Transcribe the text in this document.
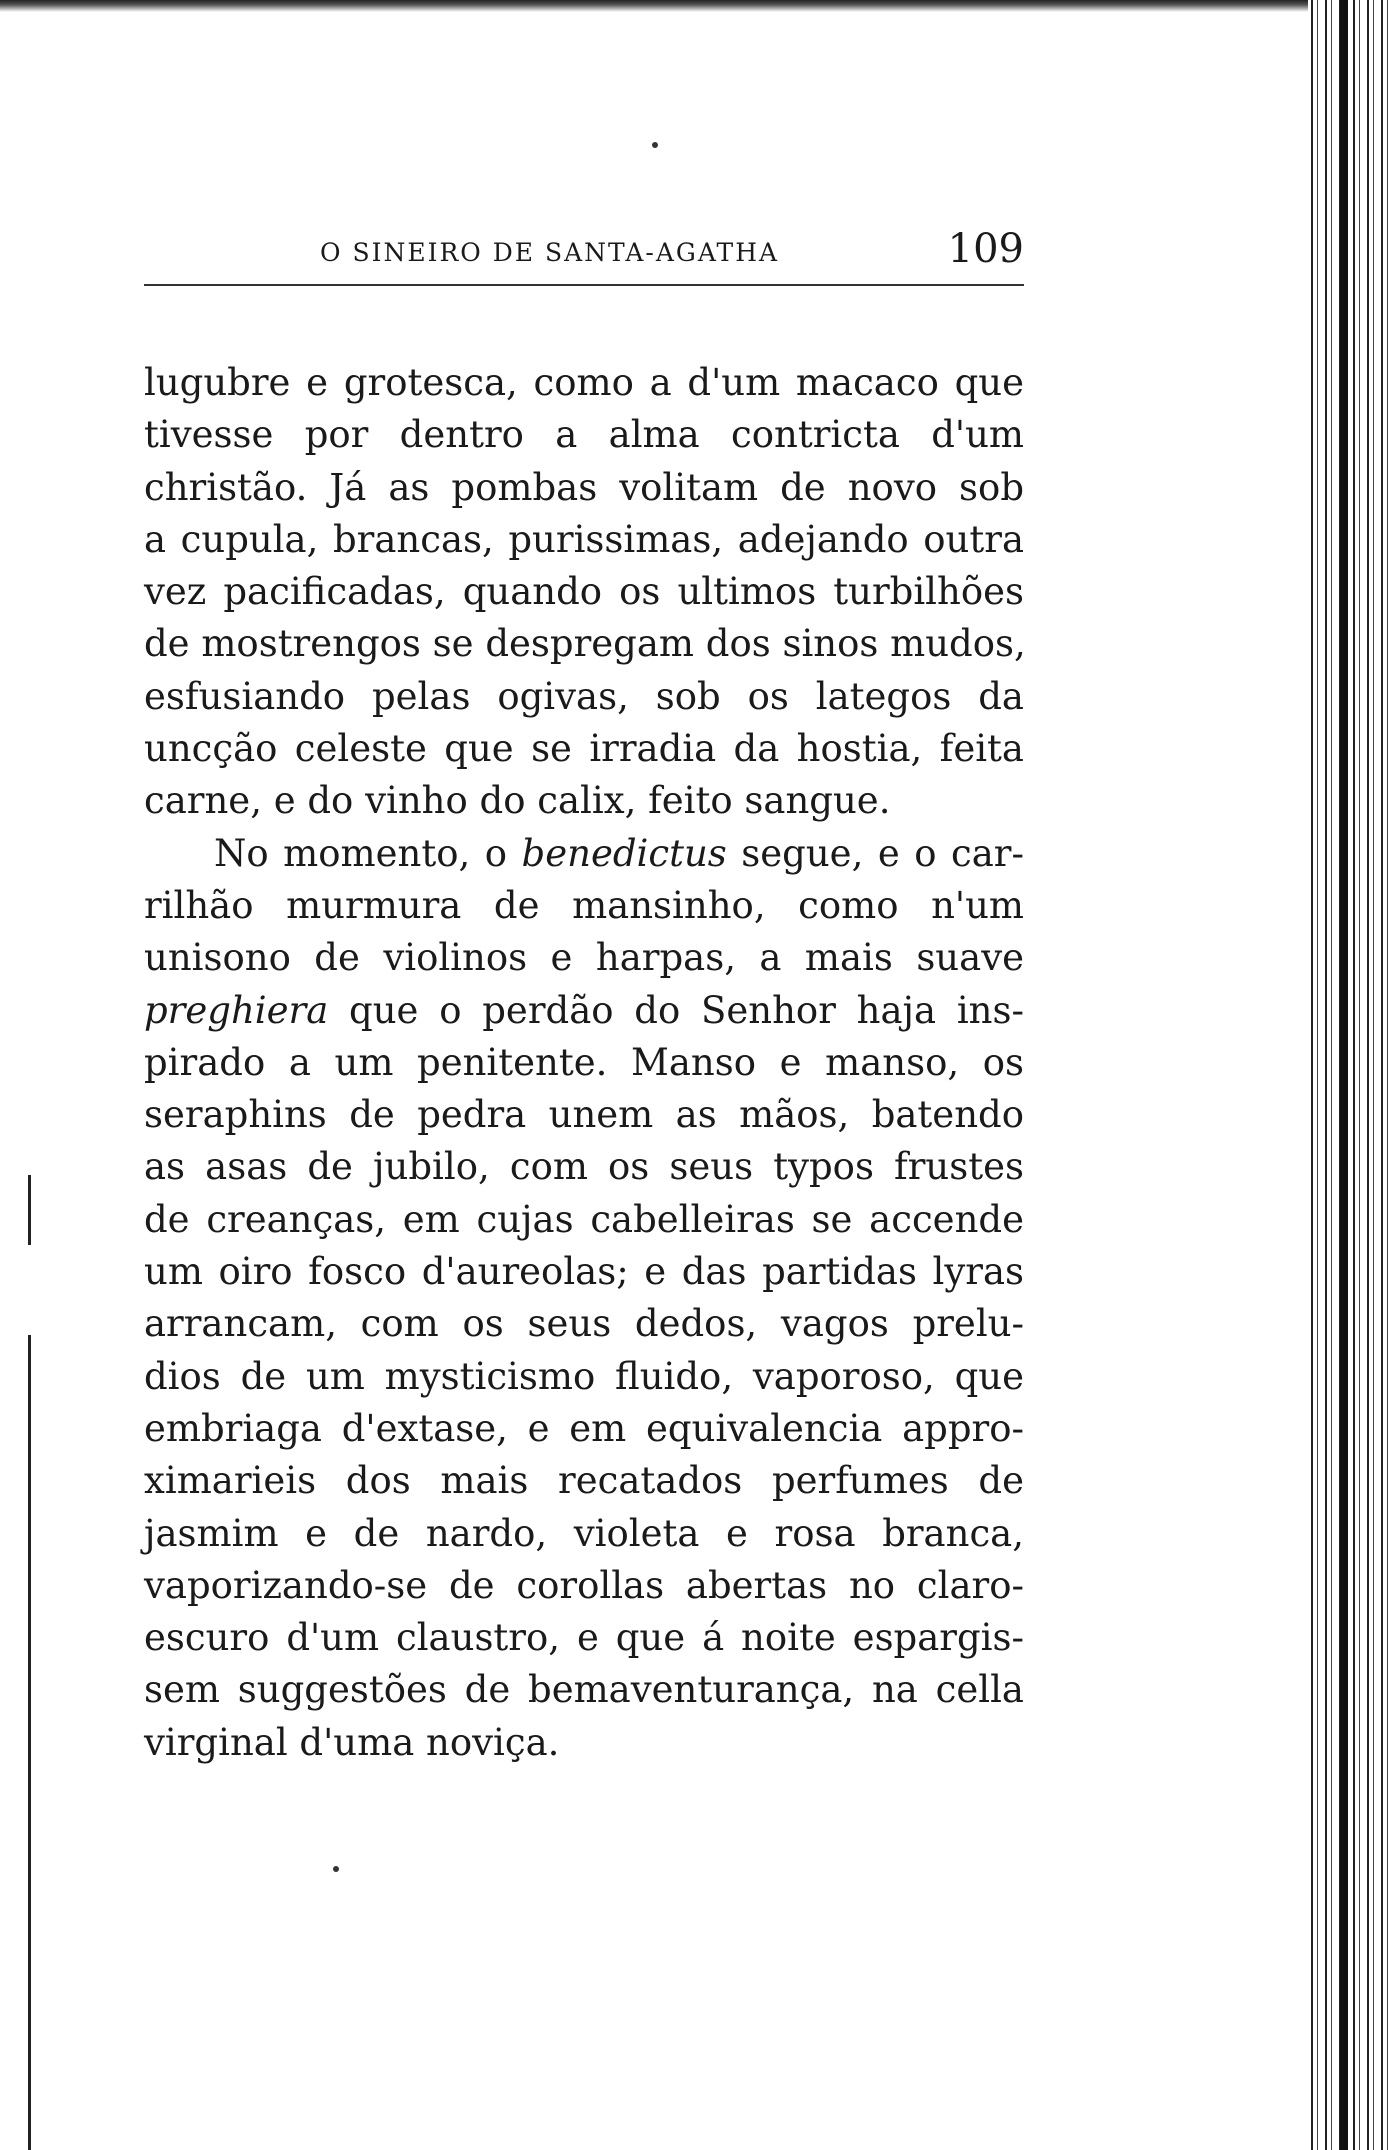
O SINEIRO DE SANTA-AGATHA	109
lugubre e grotesca, como a d'um macaco que
tivesse por dentro a alma contricta d'um
christão. Já as pombas volitam de novo sob
a cupula, brancas, purissimas, adejando outra
vez pacificadas, quando os ultimos turbilhões
de mostrengos se despregam dos sinos mudos,
esfusiando pelas ogivas, sob os lategos da
uncção celeste que se irradia da hostia, feita
carne, e do vinho do calix, feito sangue.
No momento, o benedictus segue, e o car-
rilhão murmura de mansinho, como n'um
unisono de violinos e harpas, a mais suave
preghiera que o perdão do Senhor haja ins-
pirado a um penitente. Manso e manso, os
seraphins de pedra unem as mãos, batendo
as asas de jubilo, com os seus typos frustes
de creanças, em cujas cabelleiras se accende
um oiro fosco d'aureolas; e das partidas lyras
arrancam, com os seus dedos, vagos prelu-
dios de um mysticismo fluido, vaporoso, que
embriaga d'extase, e em equivalencia appro-
ximarieis dos mais recatados perfumes de
jasmim e de nardo, violeta e rosa branca,
vaporizando-se de corollas abertas no claro-
escuro d'um claustro, e que á noite espargis-
sem suggestões de bemaventurança, na cella
virginal d'uma noviça.
